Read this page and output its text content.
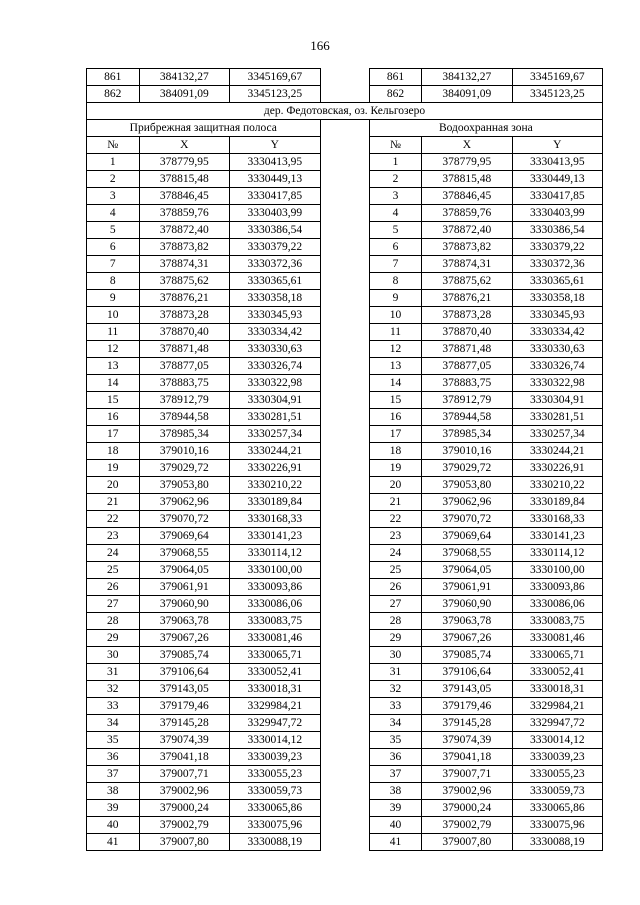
166
861	384132,27	3345169,67		861	384132,27	3345169,67
862	384091,09	3345123,25		862	384091,09	3345123,25
дер. Федотовская, оз. Кельгозеро						
Прибрежная защитная полоса				Водоохранная зона		
№	X	Y		№	X	Y
1	378779,95	3330413,95		1	378779,95	3330413,95
2	378815,48	3330449,13		2	378815,48	3330449,13
3	378846,45	3330417,85		3	378846,45	3330417,85
4	378859,76	3330403,99		4	378859,76	3330403,99
5	378872,40	3330386,54		5	378872,40	3330386,54
6	378873,82	3330379,22		6	378873,82	3330379,22
7	378874,31	3330372,36		7	378874,31	3330372,36
8	378875,62	3330365,61		8	378875,62	3330365,61
9	378876,21	3330358,18		9	378876,21	3330358,18
10	378873,28	3330345,93		10	378873,28	3330345,93
11	378870,40	3330334,42		11	378870,40	3330334,42
12	378871,48	3330330,63		12	378871,48	3330330,63
13	378877,05	3330326,74		13	378877,05	3330326,74
14	378883,75	3330322,98		14	378883,75	3330322,98
15	378912,79	3330304,91		15	378912,79	3330304,91
16	378944,58	3330281,51		16	378944,58	3330281,51
17	378985,34	3330257,34		17	378985,34	3330257,34
18	379010,16	3330244,21		18	379010,16	3330244,21
19	379029,72	3330226,91		19	379029,72	3330226,91
20	379053,80	3330210,22		20	379053,80	3330210,22
21	379062,96	3330189,84		21	379062,96	3330189,84
22	379070,72	3330168,33		22	379070,72	3330168,33
23	379069,64	3330141,23		23	379069,64	3330141,23
24	379068,55	3330114,12		24	379068,55	3330114,12
25	379064,05	3330100,00		25	379064,05	3330100,00
26	379061,91	3330093,86		26	379061,91	3330093,86
27	379060,90	3330086,06		27	379060,90	3330086,06
28	379063,78	3330083,75		28	379063,78	3330083,75
29	379067,26	3330081,46		29	379067,26	3330081,46
30	379085,74	3330065,71		30	379085,74	3330065,71
31	379106,64	3330052,41		31	379106,64	3330052,41
32	379143,05	3330018,31		32	379143,05	3330018,31
33	379179,46	3329984,21		33	379179,46	3329984,21
34	379145,28	3329947,72		34	379145,28	3329947,72
35	379074,39	3330014,12		35	379074,39	3330014,12
36	379041,18	3330039,23		36	379041,18	3330039,23
37	379007,71	3330055,23		37	379007,71	3330055,23
38	379002,96	3330059,73		38	379002,96	3330059,73
39	379000,24	3330065,86		39	379000,24	3330065,86
40	379002,79	3330075,96		40	379002,79	3330075,96
41	379007,80	3330088,19		41	379007,80	3330088,19
